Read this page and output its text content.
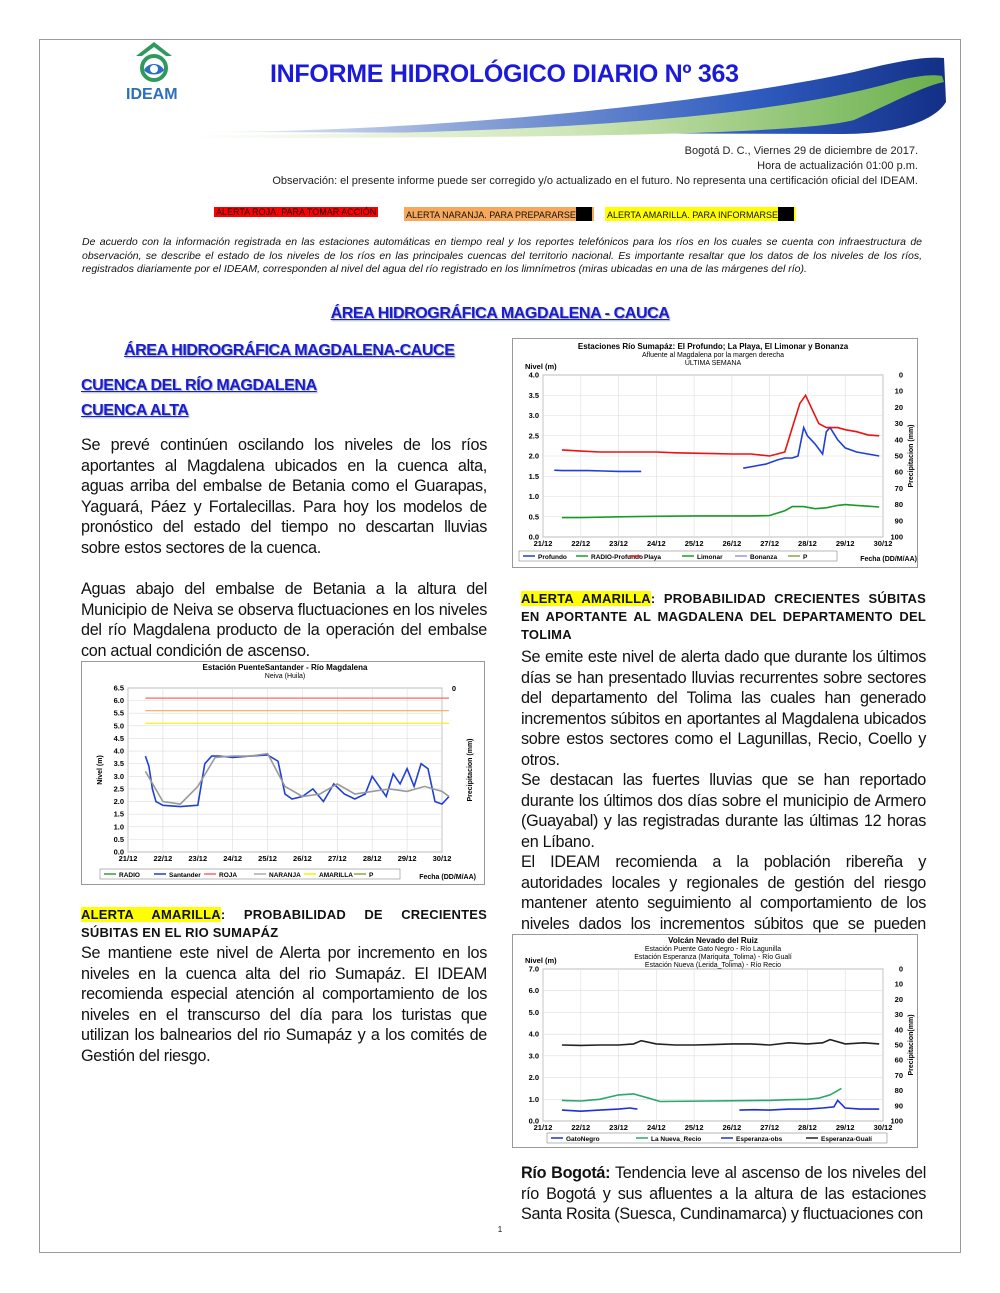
IDEAM
INFORME HIDROLÓGICO DIARIO Nº 363
Bogotá D. C., Viernes 29 de diciembre de 2017.
Hora de actualización 01:00 p.m.
Observación: el presente informe puede ser corregido y/o actualizado en el futuro. No representa una certificación oficial del IDEAM.
ALERTA ROJA. PARA TOMAR ACCIÓN	ALERTA NARANJA. PARA PREPARARSE	ALERTA AMARILLA. PARA INFORMARSE
De acuerdo con la información registrada en las estaciones automáticas en tiempo real y los reportes telefónicos para los ríos en los cuales se cuenta con infraestructura de observación, se describe el estado de los niveles de los ríos en las principales cuencas del territorio nacional. Es importante resaltar que los datos de los niveles de los ríos, registrados diariamente por el IDEAM, corresponden al nivel del agua del río registrado en los limnímetros (miras ubicadas en una de las márgenes del río).
ÁREA HIDROGRÁFICA MAGDALENA - CAUCA
ÁREA HIDROGRÁFICA MAGDALENA-CAUCE
CUENCA DEL RÍO MAGDALENA
CUENCA ALTA
Se prevé continúen oscilando los niveles de los ríos aportantes al Magdalena ubicados en la cuenca alta, aguas arriba del embalse de Betania como el Guarapas, Yaguará, Páez y Fortalecillas. Para hoy los modelos de pronóstico del estado del tiempo no descartan lluvias sobre estos sectores de la cuenca.
Aguas abajo del embalse de Betania a la altura del Municipio de Neiva se observa fluctuaciones en los niveles del río Magdalena producto de la operación del embalse con actual condición de ascenso.
Estación PuenteSantander - Río Magdalena
Neiva (Huila)
0.0
0.5
1.0
1.5
2.0
2.5
3.0
3.5
4.0
4.5
5.0
5.5
6.0
6.5
21/12 22/12 23/12 24/12 25/12 26/12 27/12 28/12 29/12 30/12
0
Nivel (m)	Precipitacion (mm)
RADIO	Santander	ROJA	NARANJA	AMARILLA P	Fecha (DD/M/AA)
ALERTA AMARILLA: PROBABILIDAD DE CRECIENTES SÚBITAS EN EL RIO SUMAPÁZ
Se mantiene este nivel de Alerta por incremento en los niveles en la cuenca alta del rio Sumapáz. El IDEAM recomienda especial atención al comportamiento de los niveles en el transcurso del día para los turistas que utilizan los balnearios del rio Sumapáz y a los comités de Gestión del riesgo.
Estaciones Río Sumapáz: El Profundo; La Playa, El Limonar y Bonanza
Afluente al Magdalena por la margen derecha
ÚLTIMA SEMANA
0.0
0.5
1.0
1.5
2.0
2.5
3.0
3.5
4.0
21/12	22/12	23/12	24/12	25/12	26/12	27/12	28/12	29/12	30/12
100
90
80
70
60
50
40
30
20
10
0
Nivel (m)
Precipitacion (mm)
Profundo	RADIO-Profundo Playa	Limonar	Bonanza	P	Fecha (DD/M/AA)
ALERTA AMARILLA: PROBABILIDAD CRECIENTES SÚBITAS EN APORTANTE AL MAGDALENA DEL DEPARTAMENTO DEL TOLIMA
Se emite este nivel de alerta dado que durante los últimos días se han presentado lluvias recurrentes sobre sectores del departamento del Tolima las cuales han generado incrementos súbitos en aportantes al Magdalena ubicados sobre estos sectores como el Lagunillas, Recio, Coello y otros.
Se destacan las fuertes lluvias que se han reportado durante los últimos dos días sobre el municipio de Armero (Guayabal) y las registradas durante las últimas 12 horas en Líbano.
El IDEAM recomienda a la población ribereña y autoridades locales y regionales de gestión del riesgo mantener atento seguimiento al comportamiento de los niveles dados los incrementos súbitos que se pueden
Volcán Nevado del Ruiz
Estación Puente Gato Negro - Río Lagunilla
Estación Esperanza (Mariquita_Tolima) - Río Gualí
Estación Nueva (Lerida_Tolima) - Río Recio
0.0
1.0
2.0
3.0
4.0
5.0
6.0
7.0
21/12	22/12	23/12	24/12	25/12	26/12	27/12	28/12	29/12	30/12
100
90
80
70
60
50
40
30
20
10
0
Nivel (m)
Precipitacion(mm)
GatoNegro	La Nueva_Recio	Esperanza-obs	Esperanza-Gualí
Río Bogotá: Tendencia leve al ascenso de los niveles del río Bogotá y sus afluentes a la altura de las estaciones Santa Rosita (Suesca, Cundinamarca) y fluctuaciones con
1
